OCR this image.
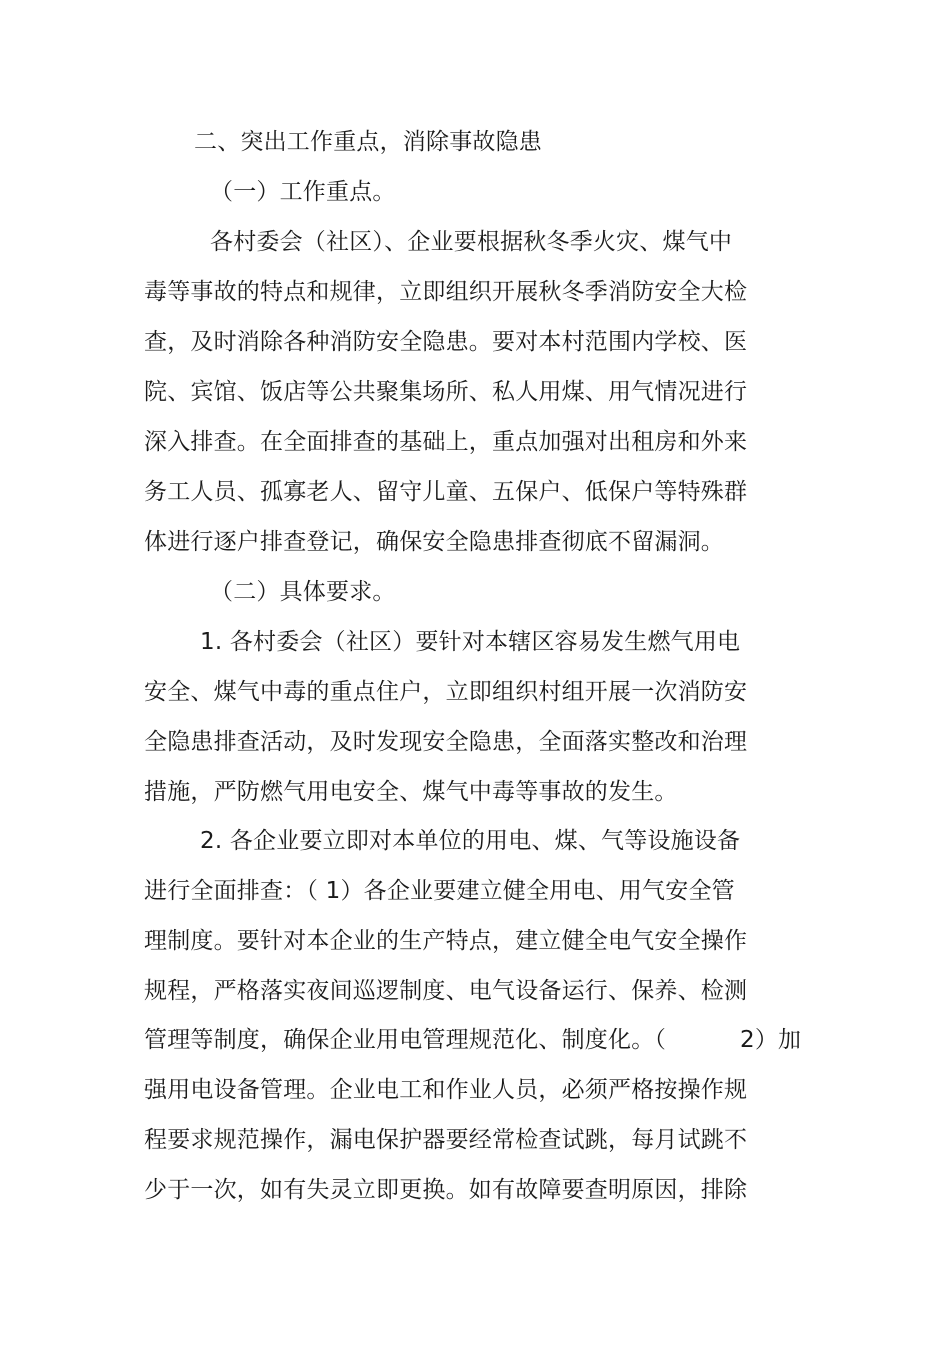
二、突出工作重点，消除事故隐患
（一）工作重点。
各村委会（社区）、企业要根据秋冬季火灾、煤气中
毒等事故的特点和规律，立即组织开展秋冬季消防安全大检
查，及时消除各种消防安全隐患。要对本村范围内学校、医
院、宾馆、饭店等公共聚集场所、私人用煤、用气情况进行
深入排查。在全面排查的基础上，重点加强对出租房和外来
务工人员、孤寡老人、留守儿童、五保户、低保户等特殊群
体进行逐户排查登记，确保安全隐患排查彻底不留漏洞。
（二）具体要求。
1. 各村委会（社区）要针对本辖区容易发生燃气用电
安全、煤气中毒的重点住户，立即组织村组开展一次消防安
全隐患排查活动，及时发现安全隐患，全面落实整改和治理
措施，严防燃气用电安全、煤气中毒等事故的发生。
2. 各企业要立即对本单位的用电、煤、气等设施设备
进行全面排查：（ 1）各企业要建立健全用电、用气安全管
理制度。要针对本企业的生产特点，建立健全电气安全操作
规程，严格落实夜间巡逻制度、电气设备运行、保养、检测
管理等制度，确保企业用电管理规范化、制度化。（	2）加
强用电设备管理。企业电工和作业人员，必须严格按操作规
程要求规范操作，漏电保护器要经常检查试跳，每月试跳不
少于一次，如有失灵立即更换。如有故障要查明原因，排除
